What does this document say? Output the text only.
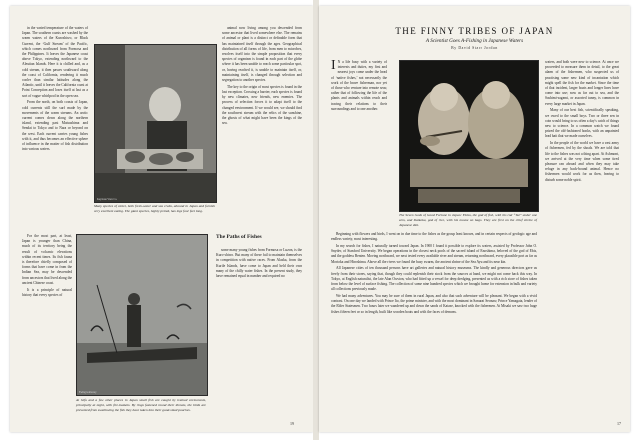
in the varied temperature of the waters of Japan. The southern coasts are washed by the warm waters of the Kuroshiwo, or Black Current, the ‘Gulf Stream’ of the Pacific, which comes northward from Formosa and the Philippines. It leaves the Japanese coast above Tokyo, extending northward to the Aleutian Islands. Here it is chilled and, as a cold stream, it then passes southward along the coast of California, rendering it much cooler than similar latitudes along the Atlantic, until it leaves the California coast at Point Conception and loses itself at last as a sort of vague whirlpool in the open sea.

From the north, on both coasts of Japan, cold currents still the surf made by the movements of the warm streams. An arctic current comes down along the northern island, extending past Matsushima and Sendai to Tokyo and to Nara or beyond on the west. Each current carries young fishes with it, and thus becomes an effective sphere of influence in the matter of fish distribution into various waters.

Keystone View Co.
Many species of violet, both fresh-water and sea crabs, abound in Japan and furnish very excellent eating. The giant species, highly prized, has legs four feet long.

animal now living among you descended from some ancestor that lived somewhere else. The remains of animal or plant is a distinct or definable form that has maintained itself through the ages. Geographical distribution of all forms of life, from men to microbes, resolves itself into the simple proposition that every species of organism is found in each part of the globe where it has been unable to reach some particular spot, or, having reached it, is unable to maintain itself, or, maintaining itself, is changed through selection and segregation to another species.

The key to the origin of most species is found in the last exception. Crossing a barrier, each species is found by new climates, new friends, new enemies. The process of selection forces it to adapt itself to the changed environment. If we would see, we should find the southwest stream with the relics of the sunshine, the ghosts of what might have been the kings of the sea.

For the most part, at least, Japan is younger than China, much of its territory being the result of volcanic elevations within recent times. Its fish fauna is therefore chiefly composed of forms that have come in from the Indian Sea, may be descended from ancestors that lived along the ancient Chinese coast.

It is a principle of natural history that every species of

Ewing Galloway
At Gifu and a few other places in Japan small fish are caught by trained cormorants, principally at night, with fire-baskets. By rings fastened round their throats, the birds are prevented from swallowing the fish they have taken into their good-sized pouches.
The Paths of Fishes

some many young fishes from Formosa or Luzon, is the Kuro-shiwo. But many of these fail to maintain themselves in competition with native races. From Alaska, from the Kurile Islands, have come to Japan and held their own many of the chilly water fishes. In the present study, they have remained equal in number and required no

19
THE FINNY TRIBES OF JAPAN
A Scientist Goes A-Fishing in Japanese Waters
By David Starr Jordan

I N a life busy with a variety of interests and duties, my first and nearest joys come under the head of ‘native fishes,’ not necessarily the work of the brave fisherman, nor yet of those who venture into remote seas; rather that of following the life of the plants and animals within reach and tracing their relations to their surroundings and to one another.

The Seven Gods of Good Fortune in Japan: Ebisu, the god of fish, with his rod “Tai” under one arm, and Daikoku, god of rice, with his mouse on bags. They are first on the chief shrine of Japanese diet.

Beginning with flowers and birds, I went on in due time to the fishes as the group least known, and in certain respects of geologic age and endless variety, most interesting.

In my search for fishes, I naturally turned toward Japan. In 1900 I found it possible to explore its waters, assisted by Professor John O. Snyder, of Stanford University. We began operations in the closest neck pools of the sacred island of Enoshima, beloved of the god of Ebis, and the goddess Benten. Moving northward, we next tested every available river and stream, returning northward, every plausible port as far as Morioka and Hiroshima. Above all the rivers we found the busy swarm, the ancient shrine of the Sea Ayu and its near kin.

All Japanese cities of ten thousand persons have art galleries and natural history museums. The kindly and generous directors gave us freely from their stores, saying that, though they could replenish their stock from the sources at hand, we might not come back this way. In Tokyo, at English naturalist, the late Alan Owston, who had fitted up a vessel for deep dredging, presented us with a rich store of fishes taken from below the level of surface fishing. The collection of some nine hundred species which we brought home for extension in bulk and variety all collections previously made.

We had many adventures. You may be sure of them in rural Japan, and also that such adventure will be pleasant. We began with a vivid contrast. On one day we landed with Prince Ito, the prime minister, and with the most dominant in Sanurai Seonaw, Prince Yamagata, lender of the Elder Statesmen. Two hours later we wandered up and down the sands of Katase, knocked with the fishermen. At Misaki we saw two huge fishes fifteen feet or so in length, built like wooden boats and with the faces of demons.

waters, and both were new to science. At once we proceeded to measure them in detail, to the great alarm of the fishermen, who suspected us of practising some new kind of incantation which might spell the fish for the market. Since the time of that incident, larger boats and longer lines have come into use; now as far out to sea, and the Sashimi-sagami, or assorted tunny, is common in every large market in Japan.

Many of our best fish, scientifically speaking, we owed to the small boys. Two or three sen in coin would bring to us often a day's catch of things new to science. In a common watch we found prized the old-fashioned hooks, with an unpainted lead bait that we made ourselves.

In the people of the world we have a vast army of fishermen, fed by the shoals. We are told that life to the fishes was not a thing apart. At Ashmont, we arrived at the very time when some tired pleasure ran abroad and when they may take refuge in any back-bound animal. Hence no fishermen would work for us then, fearing to disturb some noble spirit.

17
